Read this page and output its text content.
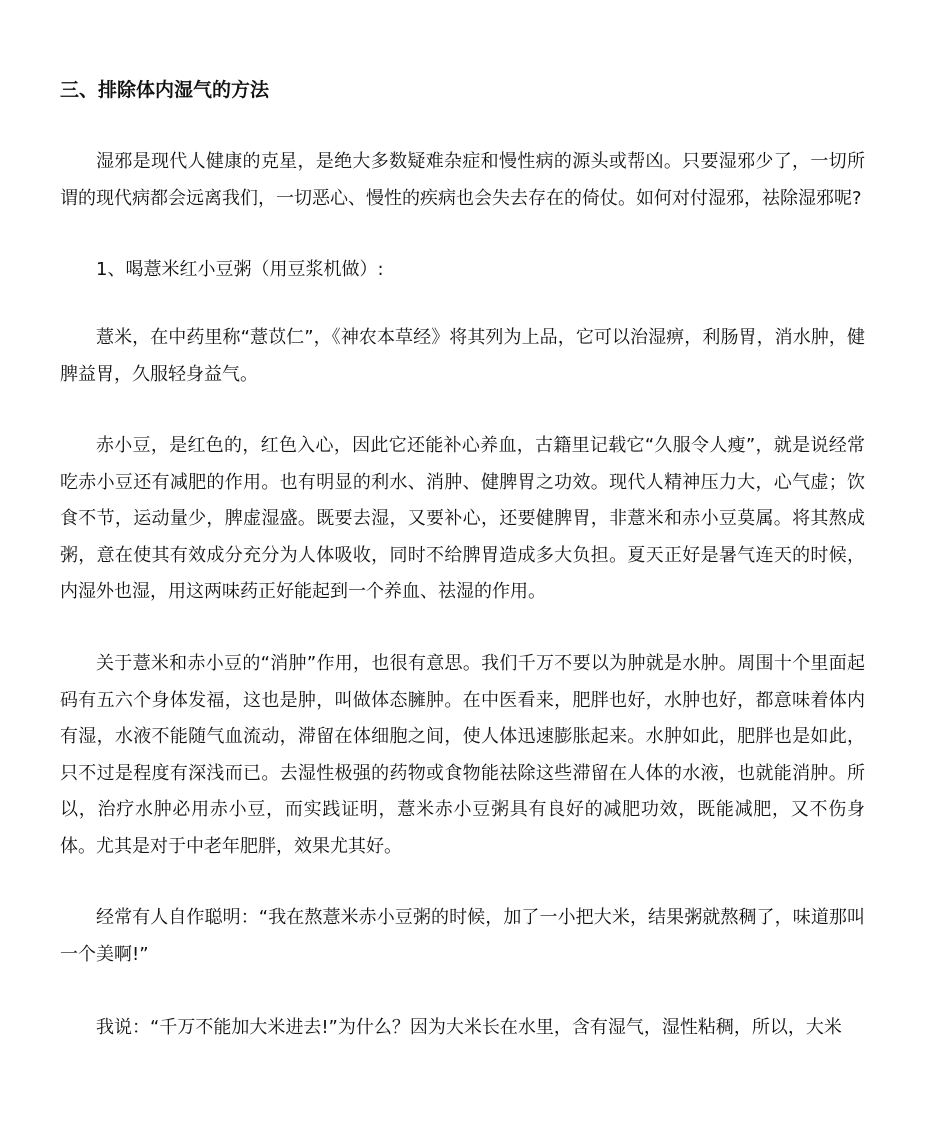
三、排除体内湿气的方法

湿邪是现代人健康的克星，是绝大多数疑难杂症和慢性病的源头或帮凶。只要湿邪少了，一切所谓的现代病都会远离我们，一切恶心、慢性的疾病也会失去存在的倚仗。如何对付湿邪，祛除湿邪呢?

1、喝薏米红小豆粥（用豆浆机做）:

薏米，在中药里称“薏苡仁”，《神农本草经》将其列为上品，它可以治湿痹，利肠胃，消水肿，健脾益胃，久服轻身益气。

赤小豆，是红色的，红色入心，因此它还能补心养血，古籍里记载它“久服令人瘦”，就是说经常吃赤小豆还有减肥的作用。也有明显的利水、消肿、健脾胃之功效。现代人精神压力大，心气虚；饮食不节，运动量少，脾虚湿盛。既要去湿，又要补心，还要健脾胃，非薏米和赤小豆莫属。将其熬成粥，意在使其有效成分充分为人体吸收，同时不给脾胃造成多大负担。夏天正好是暑气连天的时候，内湿外也湿，用这两味药正好能起到一个养血、祛湿的作用。

关于薏米和赤小豆的“消肿”作用，也很有意思。我们千万不要以为肿就是水肿。周围十个里面起码有五六个身体发福，这也是肿，叫做体态臃肿。在中医看来，肥胖也好，水肿也好，都意味着体内有湿，水液不能随气血流动，滞留在体细胞之间，使人体迅速膨胀起来。水肿如此，肥胖也是如此，只不过是程度有深浅而已。去湿性极强的药物或食物能祛除这些滞留在人体的水液，也就能消肿。所以，治疗水肿必用赤小豆，而实践证明，薏米赤小豆粥具有良好的减肥功效，既能减肥，又不伤身体。尤其是对于中老年肥胖，效果尤其好。

经常有人自作聪明：“我在熬薏米赤小豆粥的时候，加了一小把大米，结果粥就熬稠了，味道那叫一个美啊!”

我说：“千万不能加大米进去!”为什么？因为大米长在水里，含有湿气，湿性粘稠，所以，大米
